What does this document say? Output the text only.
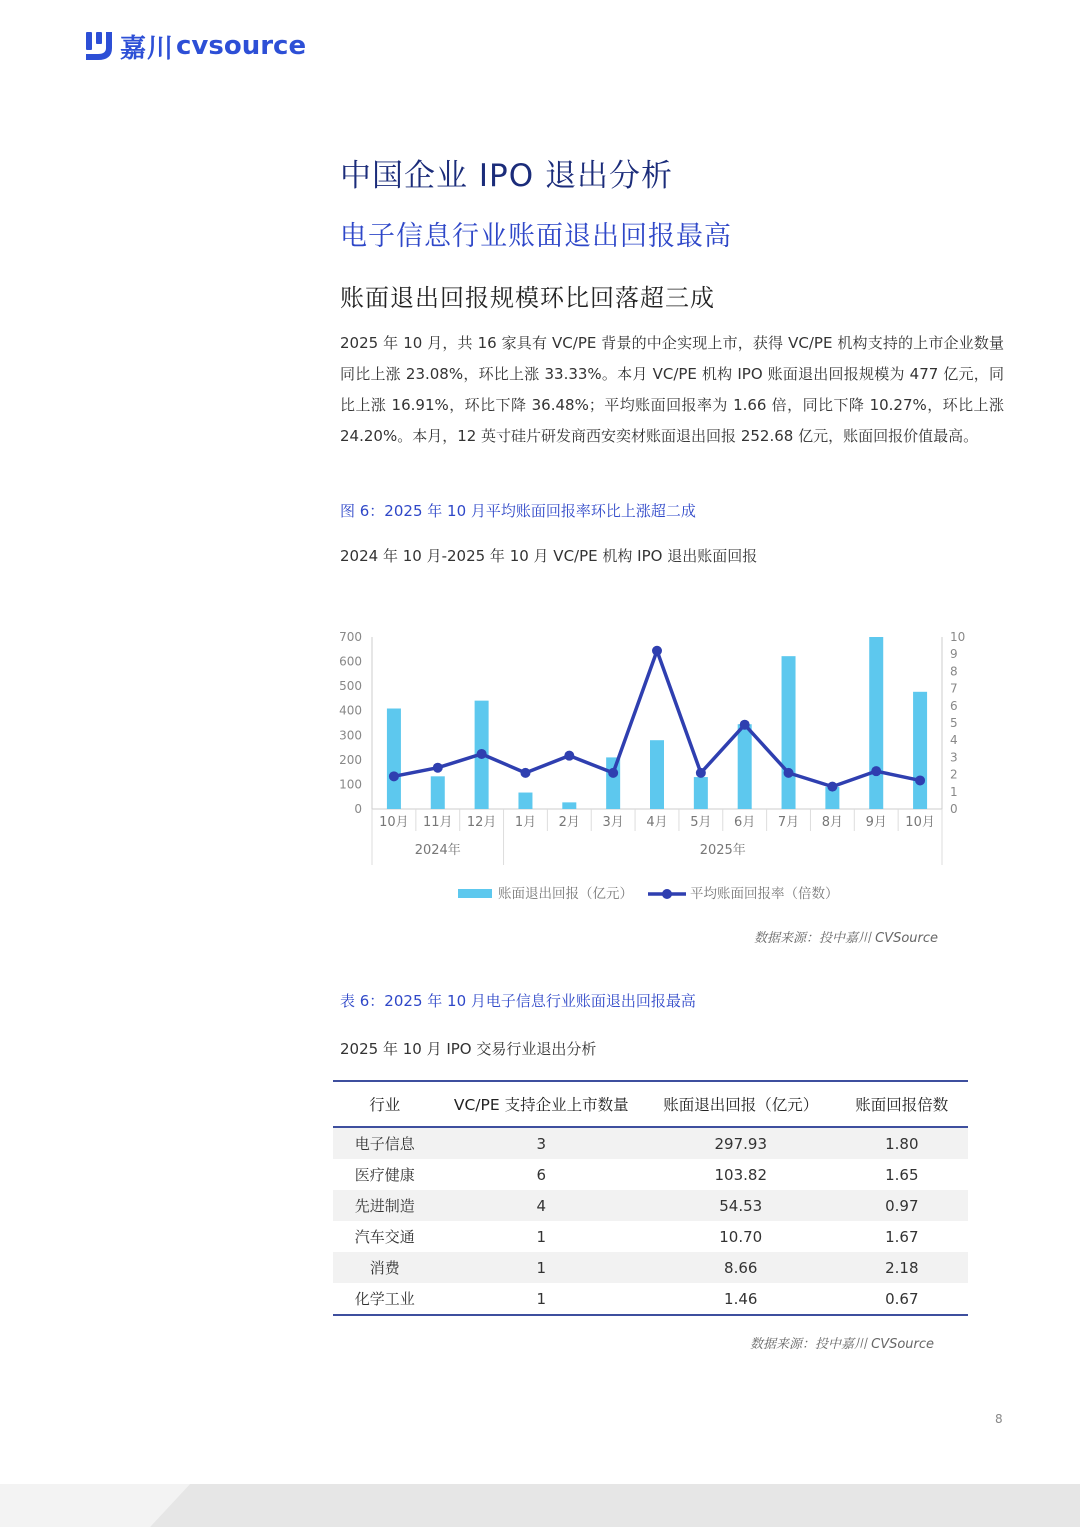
嘉川 cvsource
中国企业 IPO 退出分析
电子信息行业账面退出回报最高
账面退出回报规模环比回落超三成

2025 年 10 月，共 16 家具有 VC/PE 背景的中企实现上市，获得 VC/PE 机构支持的上市企业数量同比上涨 23.08%，环比上涨 33.33%。本月 VC/PE 机构 IPO 账面退出回报规模为 477 亿元，同比上涨 16.91%，环比下降 36.48%；平均账面回报率为 1.66 倍，同比下降 10.27%，环比上涨 24.20%。本月，12 英寸硅片研发商西安奕材账面退出回报 252.68 亿元，账面回报价值最高。

图 6：2025 年 10 月平均账面回报率环比上涨超二成
2024 年 10 月-2025 年 10 月 VC/PE 机构 IPO 退出账面回报
0
100
200
300
400
500
600
700
0
1
2
3
4
5
6
7
8
9
10
10月 11月 12月 1月 2月 3月 4月 5月 6月 7月 8月 9月 10月
2024年	2025年
账面退出回报（亿元）	平均账面回报率（倍数）
数据来源：投中嘉川 CVSource
表 6：2025 年 10 月电子信息行业账面退出回报最高
2025 年 10 月 IPO 交易行业退出分析
行业	VC/PE 支持企业上市数量	账面退出回报（亿元）	账面回报倍数
电子信息	3	297.93	1.80
医疗健康	6	103.82	1.65
先进制造	4	54.53	0.97
汽车交通	1	10.70	1.67
消费	1	8.66	2.18
化学工业	1	1.46	0.67
数据来源：投中嘉川 CVSource
8
